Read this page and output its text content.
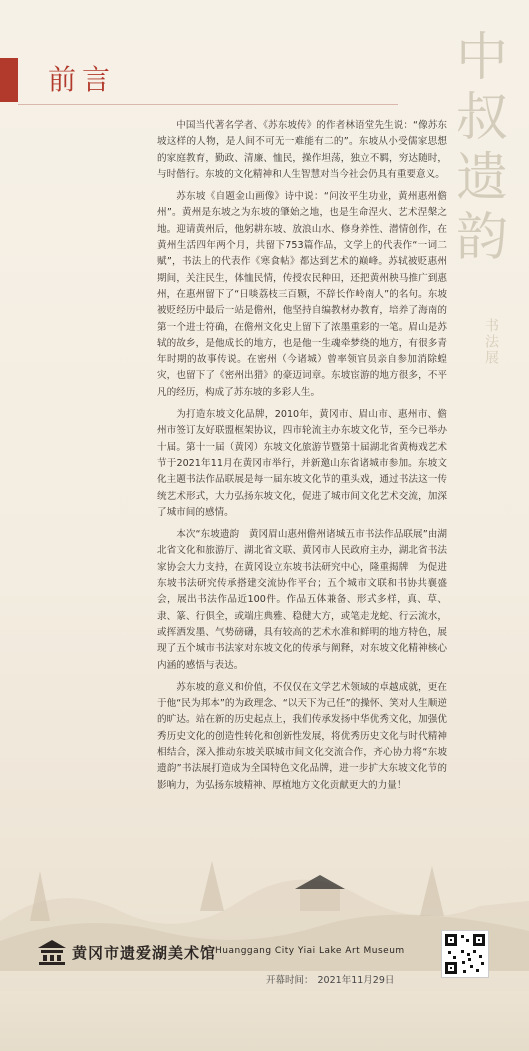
前言	中
叔
遗
韵
书法展

中国当代著名学者、《苏东坡传》的作者林语堂先生说：“像苏东坡这样的人物，是人间不可无一难能有二的”。东坡从小受儒家思想的家庭教育，勤政、清廉、恤民，操作坦荡，独立不羁，穷达随时，与时偕行。东坡的文化精神和人生智慧对当今社会仍具有重要意义。

苏东坡《自题金山画像》诗中说：“问汝平生功业，黄州惠州儋州”。黄州是东坡之为东坡的肇始之地，也是生命涅火、艺术涅槃之地。迎请黄州后，他躬耕东坡、放浪山水、修身养性、潜情创作，在黄州生活四年两个月，共留下753篇作品，文学上的代表作“一词二赋”，书法上的代表作《寒食帖》都达到艺术的巅峰。苏轼被贬惠州期间，关注民生，体恤民情，传授农民种田，还把黄州秧马推广到惠州，在惠州留下了“日啖荔枝三百颗，不辞长作岭南人”的名句。东坡被贬经历中最后一站是儋州，他坚持自编教材办教育，培养了海南的第一个进士符确，在儋州文化史上留下了浓墨重彩的一笔。眉山是苏轼的故乡，是他成长的地方，也是他一生魂牵梦绕的地方，有很多青年时期的故事传说。在密州（今诸城）曾率领官员亲自参加消除蝗灾，也留下了《密州出猎》的豪迈词章。东坡宦游的地方很多，不平凡的经历，构成了苏东坡的多彩人生。

为打造东坡文化品牌，2010年，黄冈市、眉山市、惠州市、儋州市签订友好联盟框架协议，四市轮流主办东坡文化节，至今已举办十届。第十一届（黄冈）东坡文化旅游节暨第十届湖北省黄梅戏艺术节于2021年11月在黄冈市举行，并新邀山东省诸城市参加。东坡文化主题书法作品联展是每一届东坡文化节的重头戏，通过书法这一传统艺术形式，大力弘扬东坡文化，促进了城市间文化艺术交流，加深了城市间的感情。

本次“东坡遗韵　黄冈眉山惠州儋州诸城五市书法作品联展”由湖北省文化和旅游厅、湖北省文联、黄冈市人民政府主办，湖北省书法家协会大力支持，在黄冈设立东坡书法研究中心，隆重揭牌　为促进东坡书法研究传承搭建交流协作平台；五个城市文联和书协共襄盛会，展出书法作品近100件。作品五体兼备、形式多样，真、草、隶、篆、行俱全，或端庄典雅、稳健大方，或笔走龙蛇、行云流水，或挥洒发墨、气势磅礴，具有较高的艺术水准和鲜明的地方特色，展现了五个城市书法家对东坡文化的传承与阐释，对东坡文化精神核心内涵的感悟与表达。

苏东坡的意义和价值，不仅仅在文学艺术领域的卓越成就，更在于他“民为邦本”的为政理念、“以天下为己任”的操怀、笑对人生顺逆的旷达。站在新的历史起点上，我们传承发扬中华优秀文化，加强优秀历史文化的创造性转化和创新性发展，将优秀历史文化与时代精神相结合，深入推动东坡关联城市间文化交流合作，齐心协力将“东坡遗韵”书法展打造成为全国特色文化品牌，进一步扩大东坡文化节的影响力，为弘扬东坡精神、厚植地方文化贡献更大的力量！

黄冈市遗爱湖美术馆
Huanggang City Yiai Lake Art Museum
开幕时间： 2021年11月29日
